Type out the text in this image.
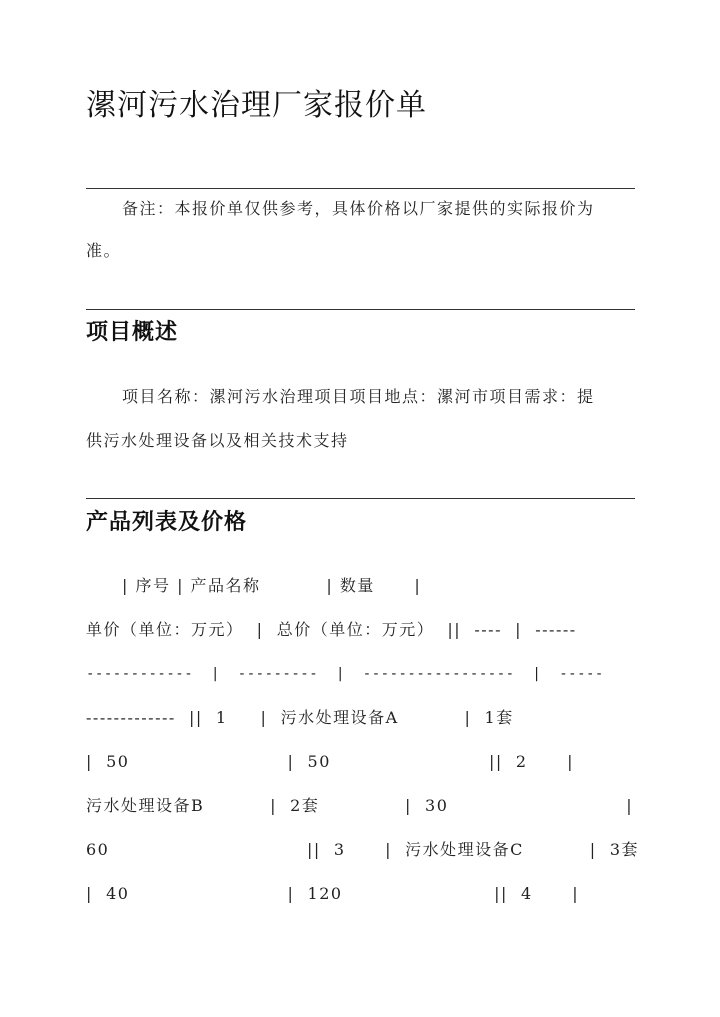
漯河污水治理厂家报价单
备注：本报价单仅供参考，具体价格以厂家提供的实际报价为
准。
项目概述
项目名称：漯河污水治理项目项目地点：漯河市项目需求：提
供污水处理设备以及相关技术支持
产品列表及价格
| 序号 | 产品名称          | 数量      |
单价（单位：万元）  |  总价（单位：万元）  ||  ----  |  ------
------------  |  ---------  |  -----------------  |  -----
-------------  ||  1     |  污水处理设备A          |  1套
|  50                        |  50                        ||  2      |
污水处理设备B          |  2套             |  30                           |
60                              ||  3      |  污水处理设备C          |  3套
|  40                        |  120                       ||  4      |
